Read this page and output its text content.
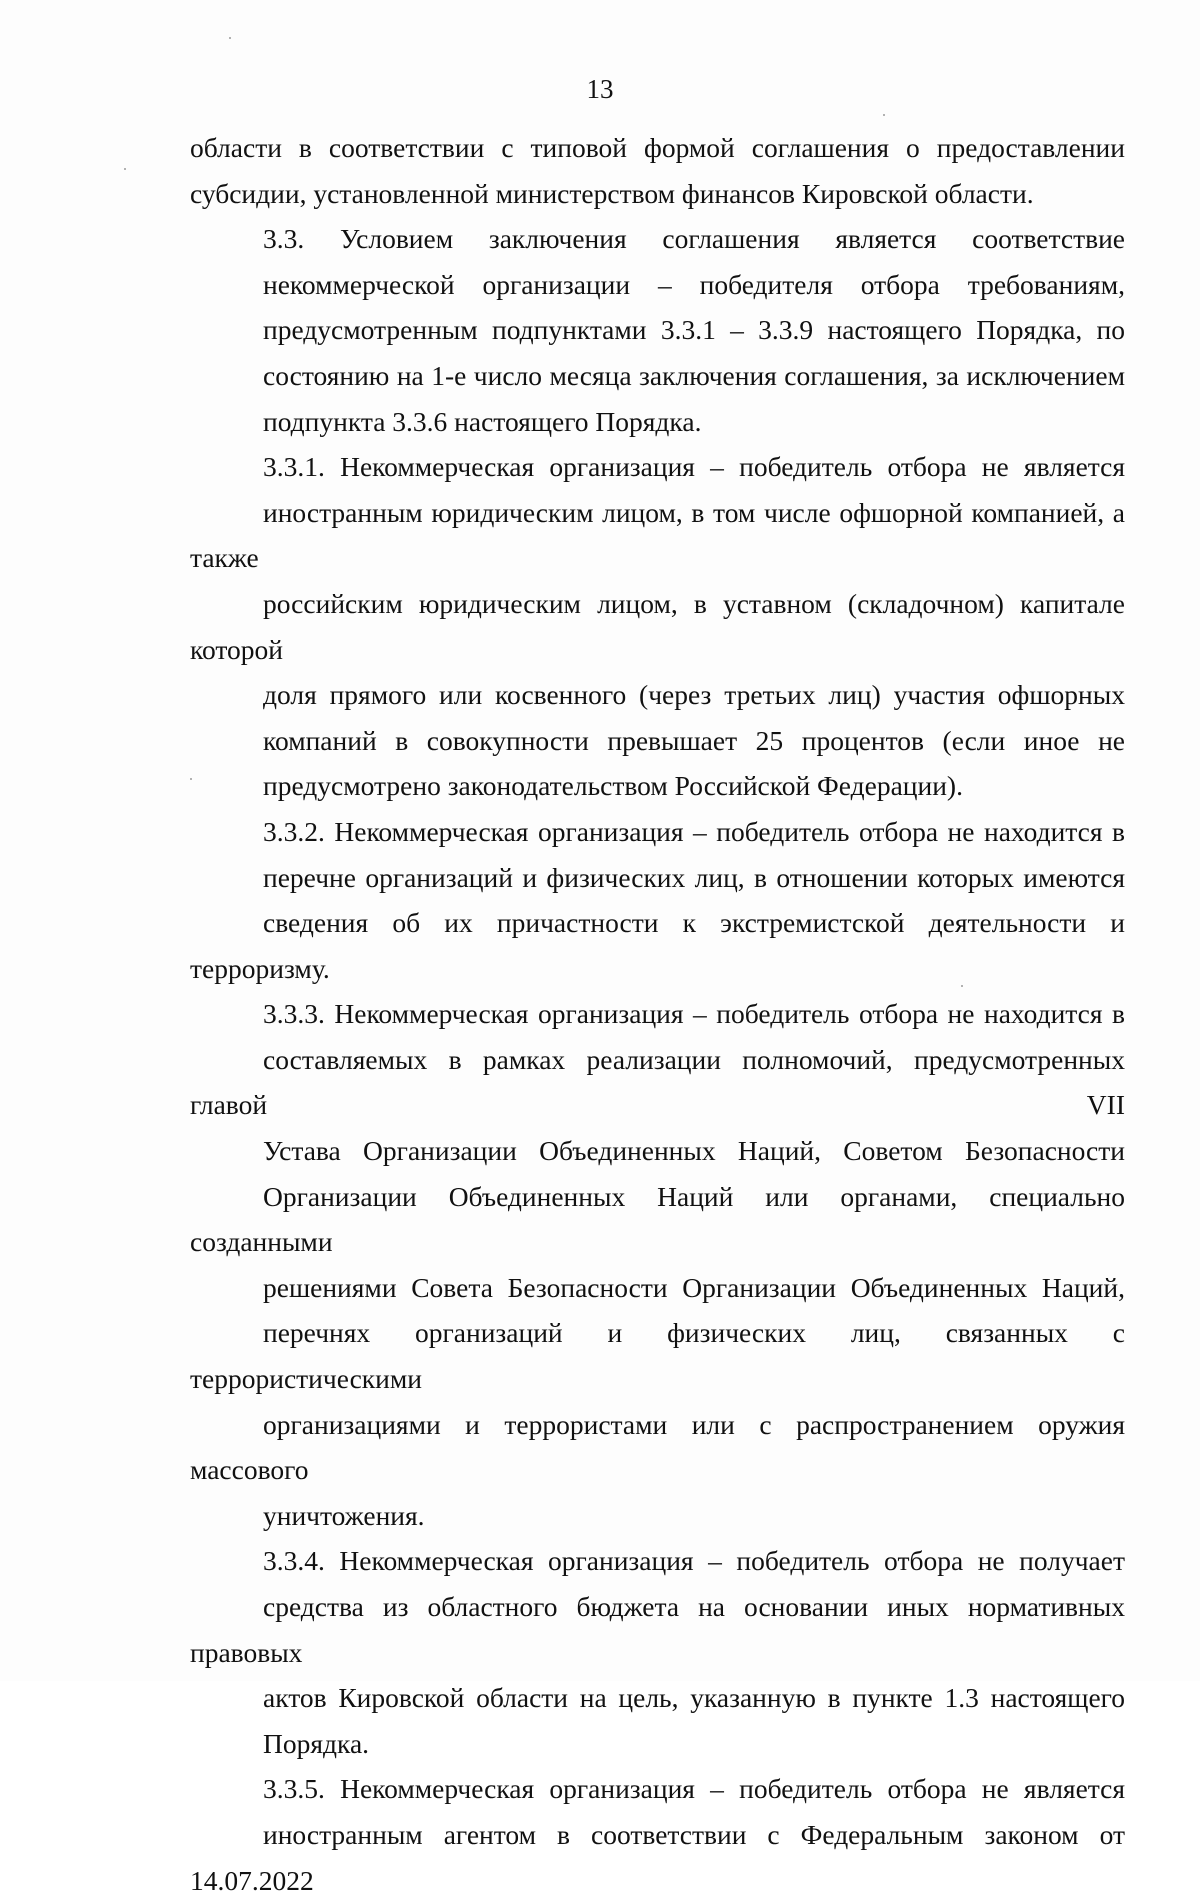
13

области в соответствии с типовой формой соглашения о предоставлении
субсидии, установленной министерством финансов Кировской области.

3.3. Условием заключения соглашения является соответствие
некоммерческой организации – победителя отбора требованиям,
предусмотренным подпунктами 3.3.1 – 3.3.9 настоящего Порядка, по
состоянию на 1-е число месяца заключения соглашения, за исключением
подпункта 3.3.6 настоящего Порядка.

3.3.1. Некоммерческая организация – победитель отбора не является
иностранным юридическим лицом, в том числе офшорной компанией, а также
российским юридическим лицом, в уставном (складочном) капитале которой
доля прямого или косвенного (через третьих лиц) участия офшорных
компаний в совокупности превышает 25 процентов (если иное не
предусмотрено законодательством Российской Федерации).

3.3.2. Некоммерческая организация – победитель отбора не находится в
перечне организаций и физических лиц, в отношении которых имеются
сведения об их причастности к экстремистской деятельности и терроризму.

3.3.3. Некоммерческая организация – победитель отбора не находится в
составляемых в рамках реализации полномочий, предусмотренных главой VII
Устава Организации Объединенных Наций, Советом Безопасности
Организации Объединенных Наций или органами, специально созданными
решениями Совета Безопасности Организации Объединенных Наций,
перечнях организаций и физических лиц, связанных с террористическими
организациями и террористами или с распространением оружия массового
уничтожения.

3.3.4. Некоммерческая организация – победитель отбора не получает
средства из областного бюджета на основании иных нормативных правовых
актов Кировской области на цель, указанную в пункте 1.3 настоящего
Порядка.

3.3.5. Некоммерческая организация – победитель отбора не является
иностранным агентом в соответствии с Федеральным законом от 14.07.2022
